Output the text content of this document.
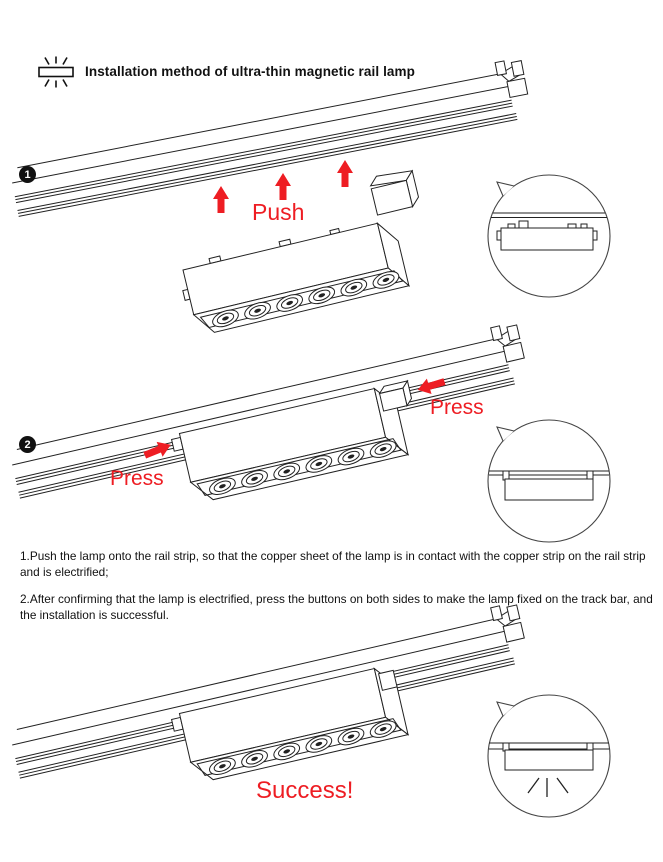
Installation method of ultra-thin magnetic rail lamp
1
2
Push
Press
Press
Success!

1.Push the lamp onto the rail strip, so that the copper sheet of the lamp is in contact with the copper strip on the rail strip and is electrified;

2.After confirming that the lamp is electrified, press the buttons on both sides to make the lamp fixed on the track bar, and the installation is successful.
